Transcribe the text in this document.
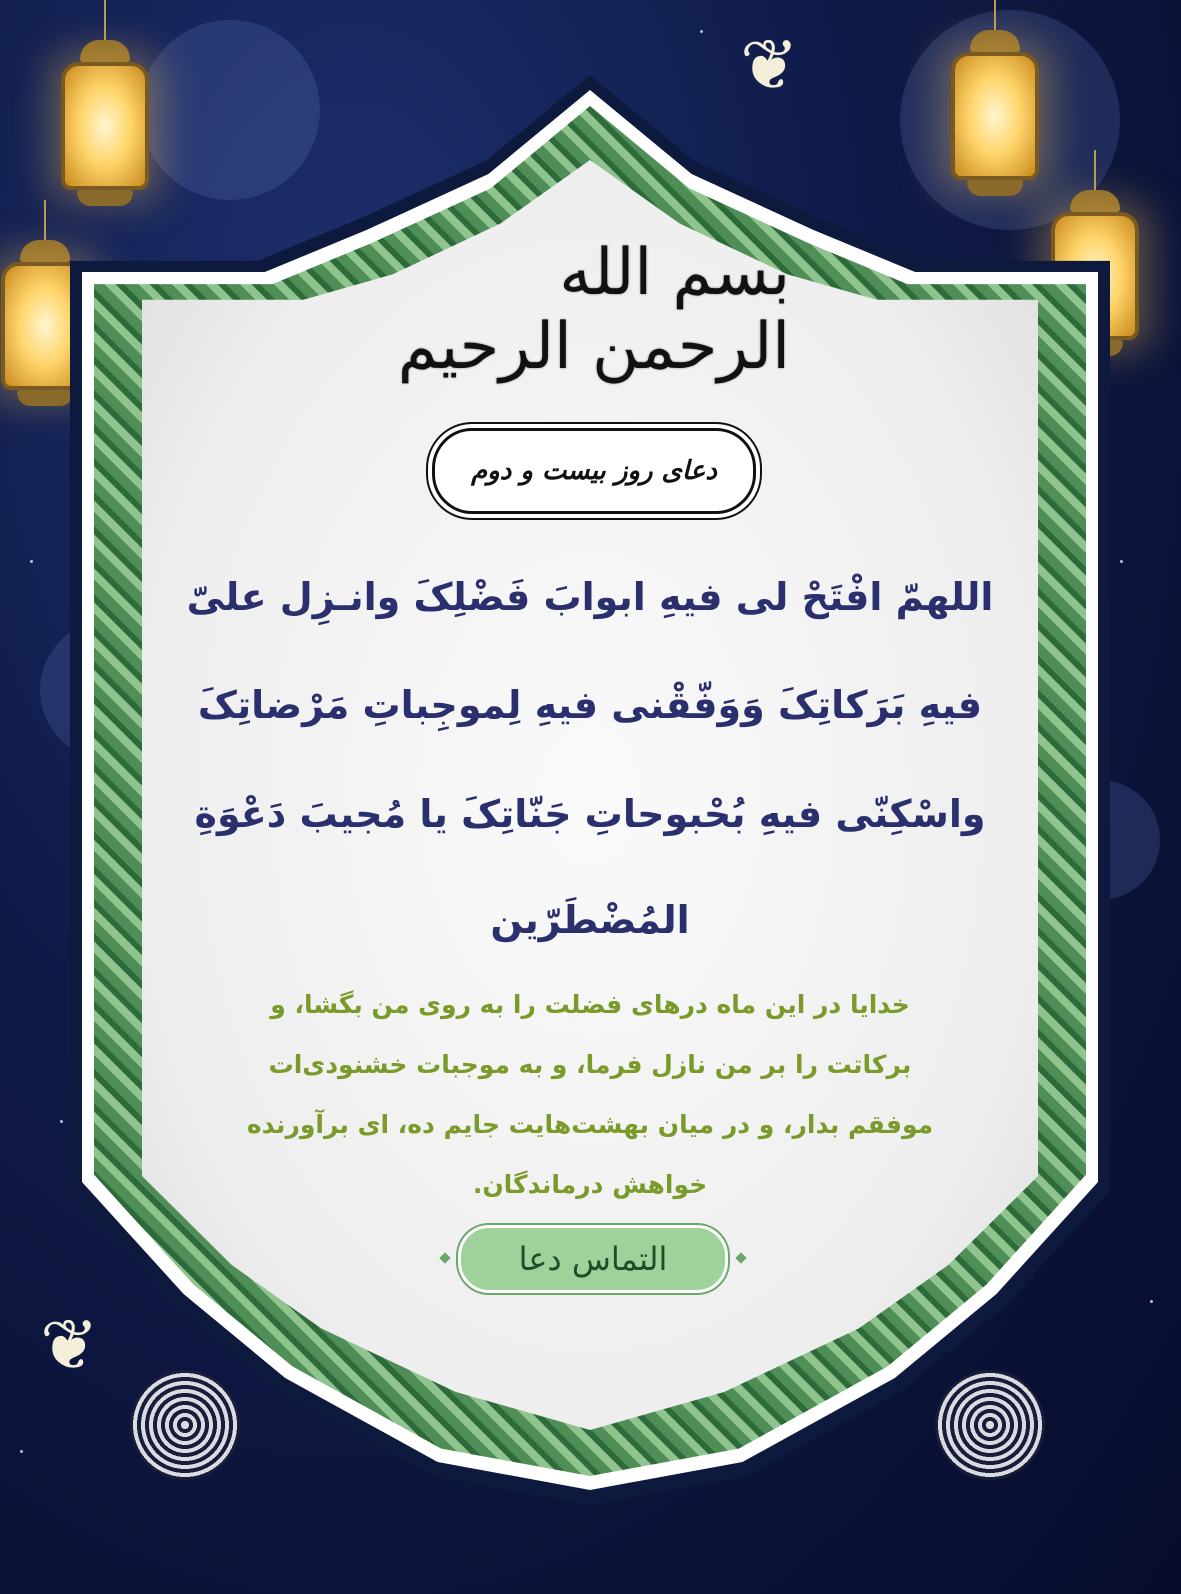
❦
❦
بسم الله الرحمن الرحیم
دعای روز بیست و دوم
اللهمّ افْتَحْ لی فیهِ ابوابَ فَضْلِکَ وانـزِل علیّ
فیهِ بَرَکاتِکَ وَوَفّقْنی فیهِ لِموجِباتِ مَرْضاتِکَ
واسْکِنّی فیهِ بُحْبوحاتِ جَنّاتِکَ یا مُجیبَ دَعْوَةِ
المُضْطَرّین
خدایا در این ماه درهای فضلت را به روی من بگشا، و
برکاتت را بر من نازل فرما، و به موجبات خشنودی‌ات
موفقم بدار، و در میان بهشت‌هایت جایم ده، ای برآورنده
خواهش درماندگان.
التماس دعا
